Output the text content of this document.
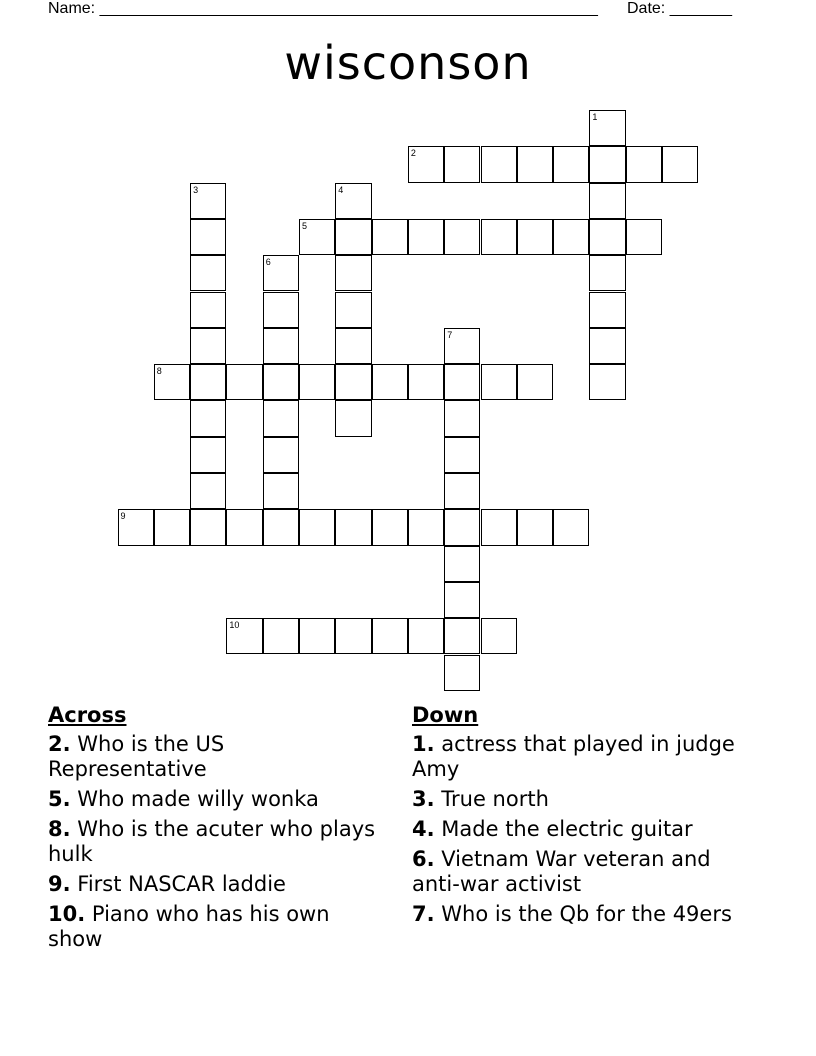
Name: ________________________________________________________ Date: _______
wisconson
1
2
3	4
5
6
7
8
9
10
Across
2. Who is the US Representative
5. Who made willy wonka
8. Who is the acuter who plays hulk
9. First NASCAR laddie
10. Piano who has his own show
Down
1. actress that played in judge Amy
3. True north
4. Made the electric guitar
6. Vietnam War veteran and anti-war activist
7. Who is the Qb for the 49ers
